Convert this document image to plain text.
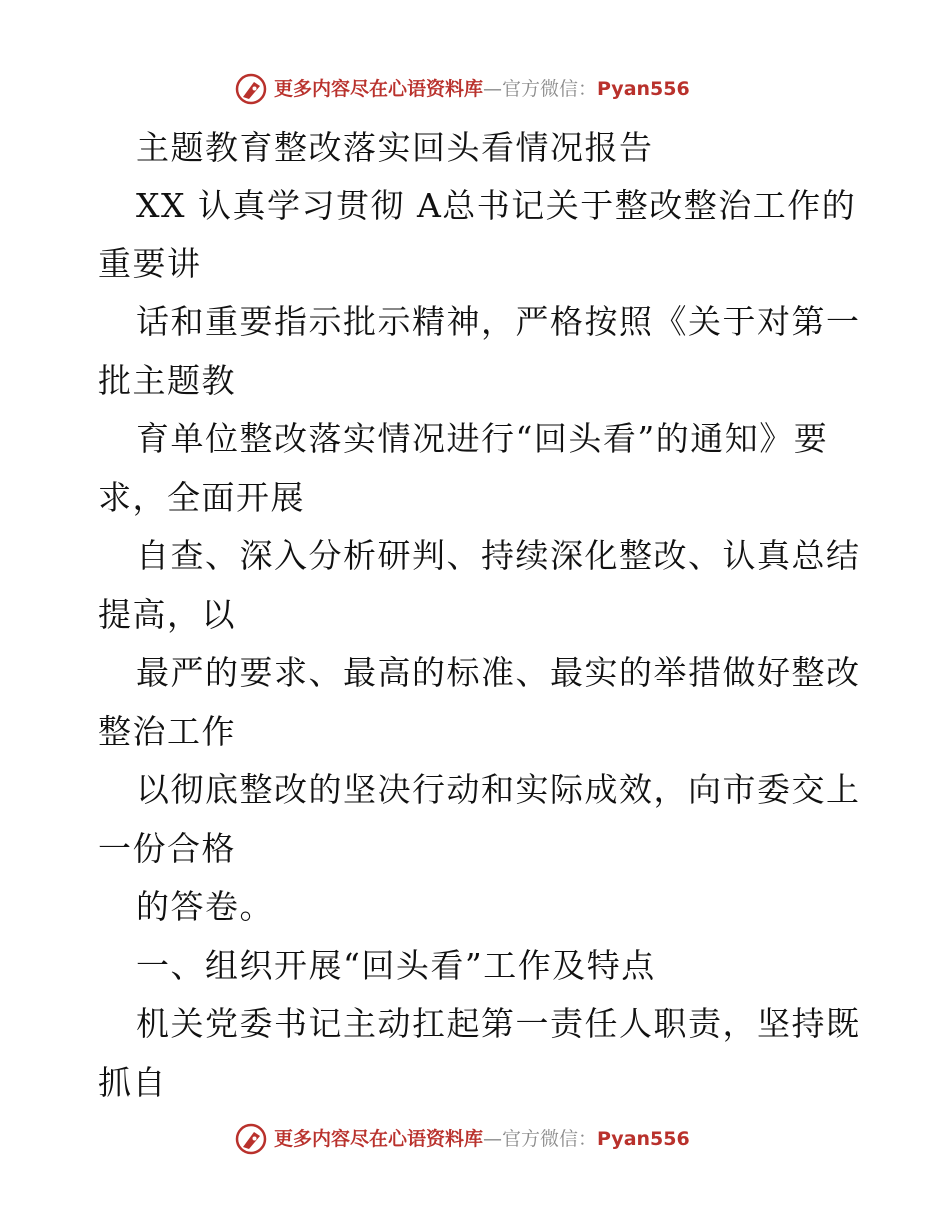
更多内容尽在心语资料库—官方微信：Pyan556
主题教育整改落实回头看情况报告
XX 认真学习贯彻 A总书记关于整改整治工作的
重要讲
话和重要指示批示精神，严格按照《关于对第一
批主题教
育单位整改落实情况进行“回头看”的通知》要
求，全面开展
自查、深入分析研判、持续深化整改、认真总结
提高，以
最严的要求、最高的标准、最实的举措做好整改
整治工作
以彻底整改的坚决行动和实际成效，向市委交上
一份合格
的答卷。
一、组织开展“回头看”工作及特点
机关党委书记主动扛起第一责任人职责，坚持既
抓自
更多内容尽在心语资料库—官方微信：Pyan556
